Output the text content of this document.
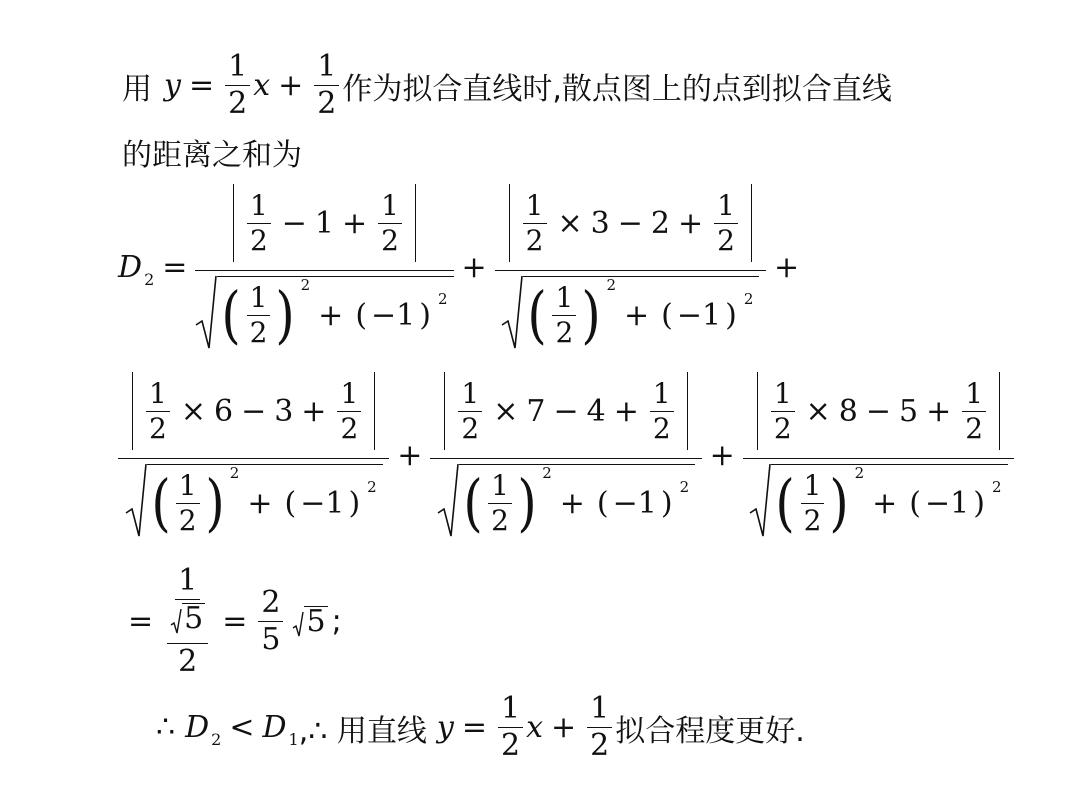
用 $y = \frac{1}{2}$ $x + \frac{1}{2}$ 作为拟合直线时,散点图上的点到拟合直线
的距离之和为
D 2 =
$\frac{1}{2} - 1 + \frac{1}{2}$
( $\frac{1}{2}$ ) 2
+ ( −1 ) 2
+
$\frac{1}{2} \times 3 - 2 + \frac{1}{2}$
( $\frac{1}{2}$ ) 2
+ ( −1 ) 2
+
$\frac{1}{2} \times 6 - 3 + \frac{1}{2}$
( $\frac{1}{2}$ ) 2
+ ( −1 ) 2
+
$\frac{1}{2} \times 7 - 4 + \frac{1}{2}$
( $\frac{1}{2}$ ) 2
+ ( −1 ) 2
+
$\frac{1}{2} \times 8 - 5 + \frac{1}{2}$
( $\frac{1}{2}$ ) 2
+ ( −1 ) 2
= $\frac{1}{\frac{5}{2}} = \frac{2}{5} 5$ ;
∴ D 2 < D 1 ,∴ 用直线 $y = \frac{1}{2}$ $x + \frac{1}{2}$ 拟合程度更好.
